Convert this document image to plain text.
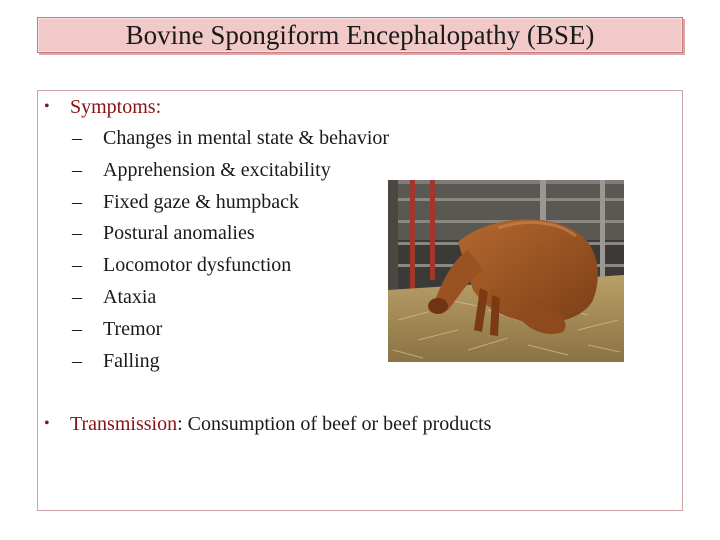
Bovine Spongiform Encephalopathy (BSE)
• Symptoms:
– Changes in mental state & behavior
– Apprehension & excitability
– Fixed gaze & humpback
– Postural anomalies
– Locomotor dysfunction
– Ataxia
– Tremor
– Falling
• Transmission: Consumption of beef or beef products
